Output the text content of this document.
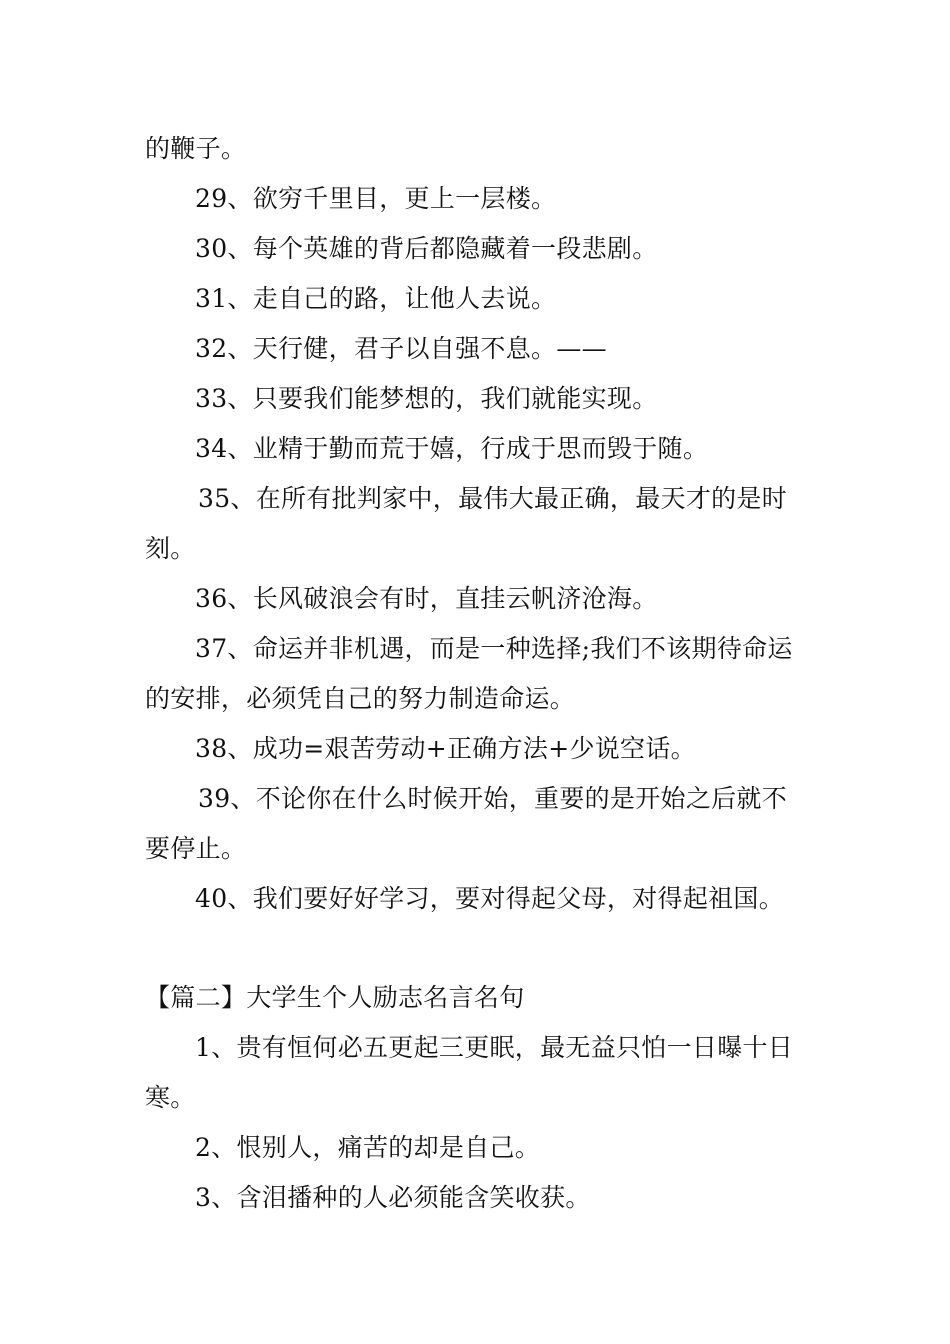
的鞭子。
29、欲穷千里目，更上一层楼。
30、每个英雄的背后都隐藏着一段悲剧。
31、走自己的路，让他人去说。
32、天行健，君子以自强不息。——
33、只要我们能梦想的，我们就能实现。
34、业精于勤而荒于嬉，行成于思而毁于随。
35、在所有批判家中，最伟大最正确，最天才的是时
刻。
36、长风破浪会有时，直挂云帆济沧海。
37、命运并非机遇，而是一种选择;我们不该期待命运
的安排，必须凭自己的努力制造命运。
38、成功=艰苦劳动+正确方法+少说空话。
39、不论你在什么时候开始，重要的是开始之后就不
要停止。
40、我们要好好学习，要对得起父母，对得起祖国。
【篇二】大学生个人励志名言名句
1、贵有恒何必五更起三更眠，最无益只怕一日曝十日
寒。
2、恨别人，痛苦的却是自己。
3、含泪播种的人必须能含笑收获。
